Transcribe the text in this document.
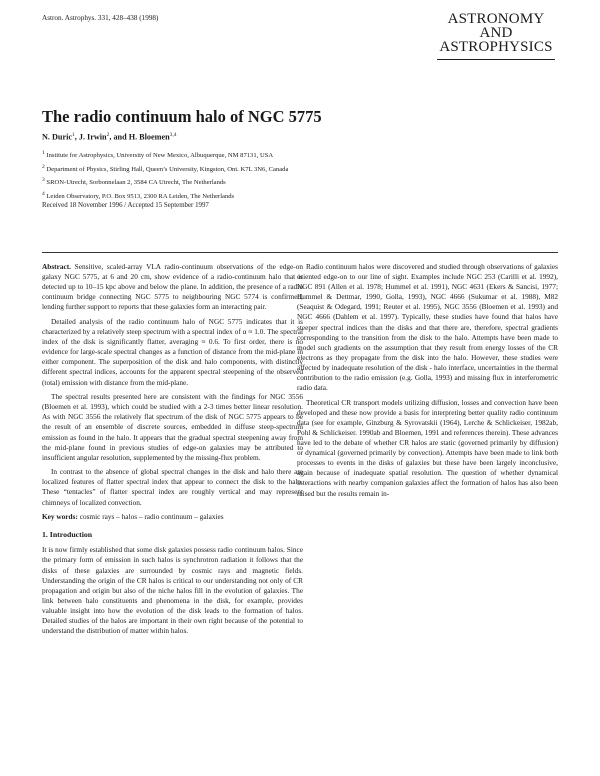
Astron. Astrophys. 331, 428–438 (1998)	ASTRONOMY
AND
ASTROPHYSICS
The radio continuum halo of NGC 5775
N. Duric$^1$, J. Irwin$^2$, and H. Bloemen$^{3,4}$
$^1$ Institute for Astrophysics, University of New Mexico, Albuquerque, NM 87131, USA
$^2$ Department of Physics, Stirling Hall, Queen’s University, Kingston, Ont. K7L 3N6, Canada
$^3$ SRON-Utrecht, Sorbonnelaan 2, 3584 CA Utrecht, The Netherlands
$^4$ Leiden Observatory, P.O. Box 9513, 2300 RA Leiden, The Netherlands
Received 18 November 1996 / Accepted 15 September 1997

Abstract. Sensitive, scaled-array VLA radio-continuum observations of the edge-on galaxy NGC 5775, at 6 and 20 cm, show evidence of a radio-continuum halo that is detected up to 10–15 kpc above and below the plane. In addition, the presence of a radio continuum bridge connecting NGC 5775 to neighbouring NGC 5774 is confirmed, lending further support to reports that these galaxies form an interacting pair.

Detailed analysis of the radio continuum halo of NGC 5775 indicates that it is characterized by a relatively steep spectrum with a spectral index of α ≈ 1.0. The spectral index of the disk is significantly flatter, averaging ≈ 0.6. To first order, there is no evidence for large-scale spectral changes as a function of distance from the mid-plane in either component. The superposition of the disk and halo components, with distinctly different spectral indices, accounts for the apparent spectral steepening of the observed (total) emission with distance from the mid-plane.

The spectral results presented here are consistent with the findings for NGC 3556 (Bloemen et al. 1993), which could be studied with a 2-3 times better linear resolution. As with NGC 3556 the relatively flat spectrum of the disk of NGC 5775 appears to be the result of an ensemble of discrete sources, embedded in diffuse steep-spectrum emission as found in the halo. It appears that the gradual spectral steepening away from the mid-plane found in previous studies of edge-on galaxies may be attributed to insufficient angular resolution, supplemented by the missing-flux problem.

In contrast to the absence of global spectral changes in the disk and halo there are localized features of flatter spectral index that appear to connect the disk to the halo. These “tentacles” of flatter spectral index are roughly vertical and may represent chimneys of localized convection.

Key words: cosmic rays – halos – radio continuum – galaxies

1. Introduction

It is now firmly established that some disk galaxies possess radio continuum halos. Since the primary form of emission in such halos is synchrotron radiation it follows that the disks of these galaxies are surrounded by cosmic rays and magnetic fields. Understanding the origin of the CR halos is critical to our understanding not only of CR propagation and origin but also of the niche halos fill in the evolution of galaxies. The link between halo constituents and phenomena in the disk, for example, provides valuable insight into how the evolution of the disk leads to the formation of halos. Detailed studies of the halos are important in their own right because of the potential to understand the distribution of matter within halos.

Radio continuum halos were discovered and studied through observations of galaxies oriented edge-on to our line of sight. Examples include NGC 253 (Carilli et al. 1992), NGC 891 (Allen et al. 1978; Hummel et al. 1991), NGC 4631 (Ekers & Sancisi, 1977; Hummel & Dettmar, 1990, Golla, 1993), NGC 4666 (Sukumar et al. 1988), M82 (Seaquist & Odegard, 1991; Reuter et al. 1995), NGC 3556 (Bloemen et al. 1993) and NGC 4666 (Dahlem et al. 1997). Typically, these studies have found that halos have steeper spectral indices than the disks and that there are, therefore, spectral gradients corresponding to the transition from the disk to the halo. Attempts have been made to model such gradients on the assumption that they result from energy losses of the CR electrons as they propagate from the disk into the halo. However, these studies were affected by inadequate resolution of the disk - halo interface, uncertainties in the thermal contribution to the radio emission (e.g. Golla, 1993) and missing flux in interferometric radio data.

Theoretical CR transport models utilizing diffusion, losses and convection have been developed and these now provide a basis for interpreting better quality radio continuum data (see for example, Ginzburg & Syrovatskii (1964), Lerche & Schlickeiser, 1982ab, Pohl & Schlickeiser. 1990ab and Bloemen, 1991 and references therein). These advances have led to the debate of whether CR halos are static (governed primarily by diffusion) or dynamical (governed primarily by convection). Attempts have been made to link both processes to events in the disks of galaxies but these have been largely inconclusive, again because of inadequate spatial resolution. The question of whether dynamical interactions with nearby companion galaxies affect the formation of halos has also been raised but the results remain in-
